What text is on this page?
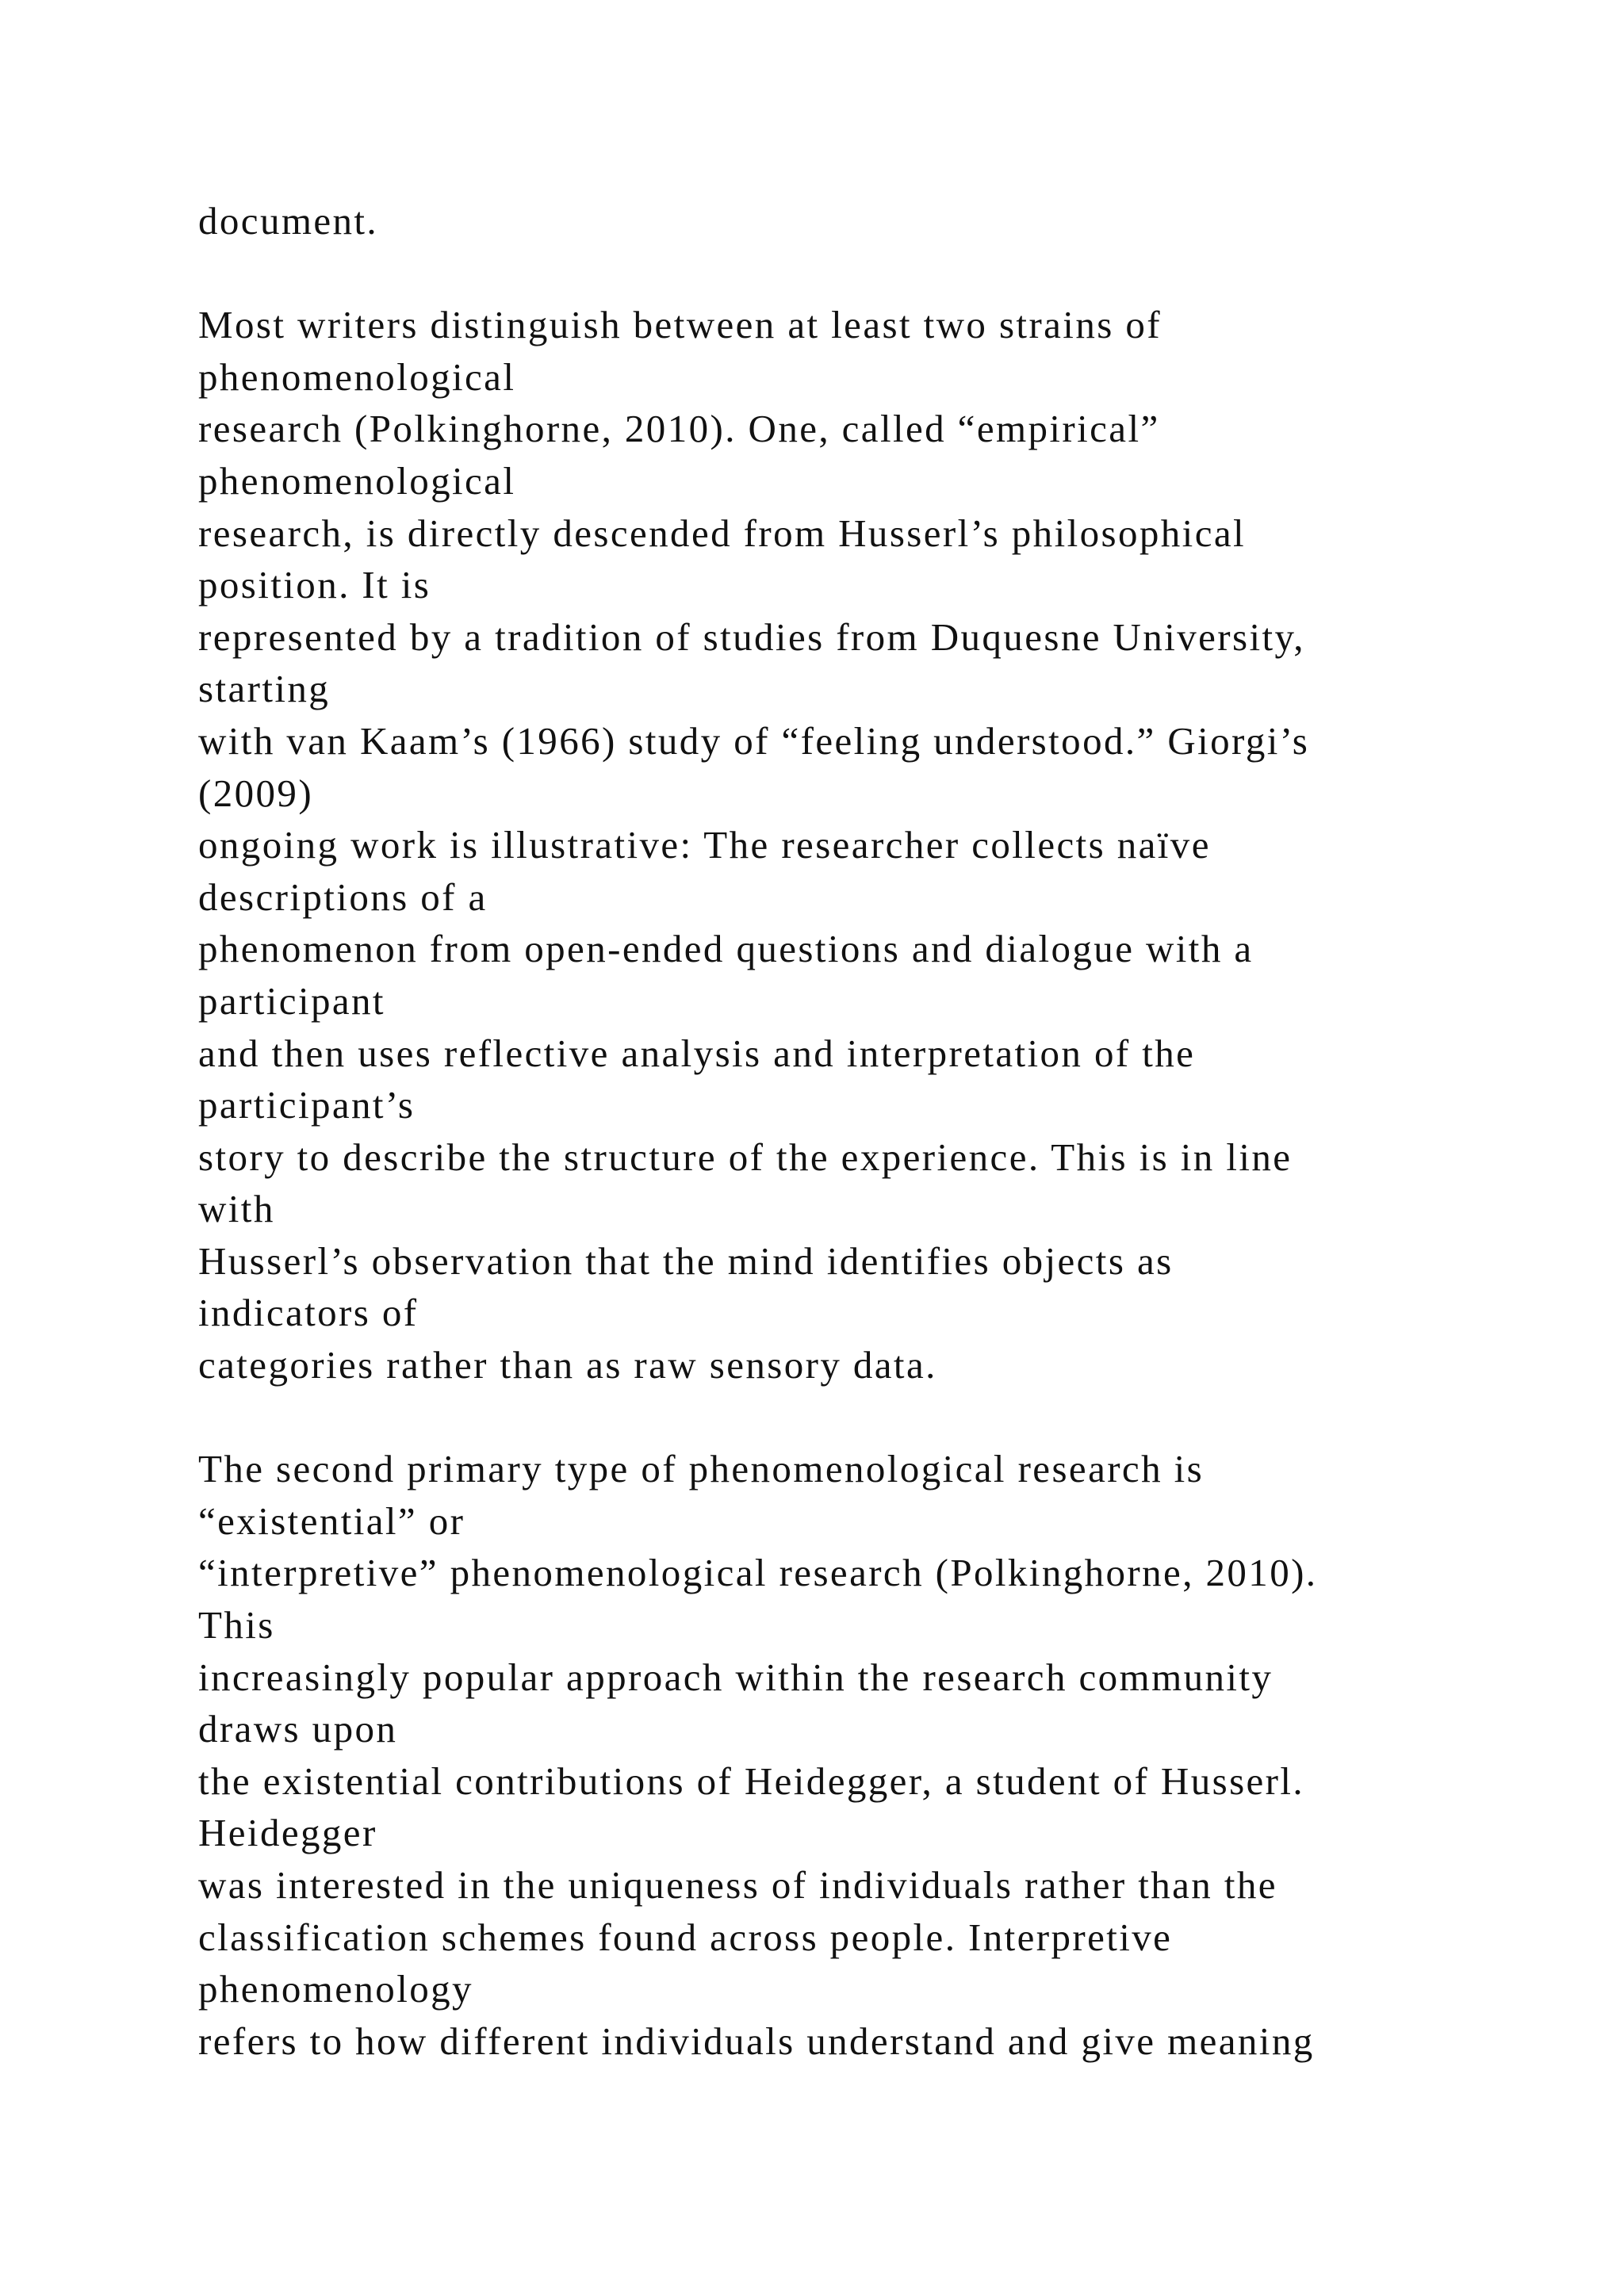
document.
Most writers distinguish between at least two strains of
phenomenological
research (Polkinghorne, 2010). One, called “empirical”
phenomenological
research, is directly descended from Husserl’s philosophical
position. It is
represented by a tradition of studies from Duquesne University,
starting
with van Kaam’s (1966) study of “feeling understood.” Giorgi’s
(2009)
ongoing work is illustrative: The researcher collects naïve
descriptions of a
phenomenon from open-ended questions and dialogue with a
participant
and then uses reflective analysis and interpretation of the
participant’s
story to describe the structure of the experience. This is in line
with
Husserl’s observation that the mind identifies objects as
indicators of
categories rather than as raw sensory data.
The second primary type of phenomenological research is
“existential” or
“interpretive” phenomenological research (Polkinghorne, 2010).
This
increasingly popular approach within the research community
draws upon
the existential contributions of Heidegger, a student of Husserl.
Heidegger
was interested in the uniqueness of individuals rather than the
classification schemes found across people. Interpretive
phenomenology
refers to how different individuals understand and give meaning
